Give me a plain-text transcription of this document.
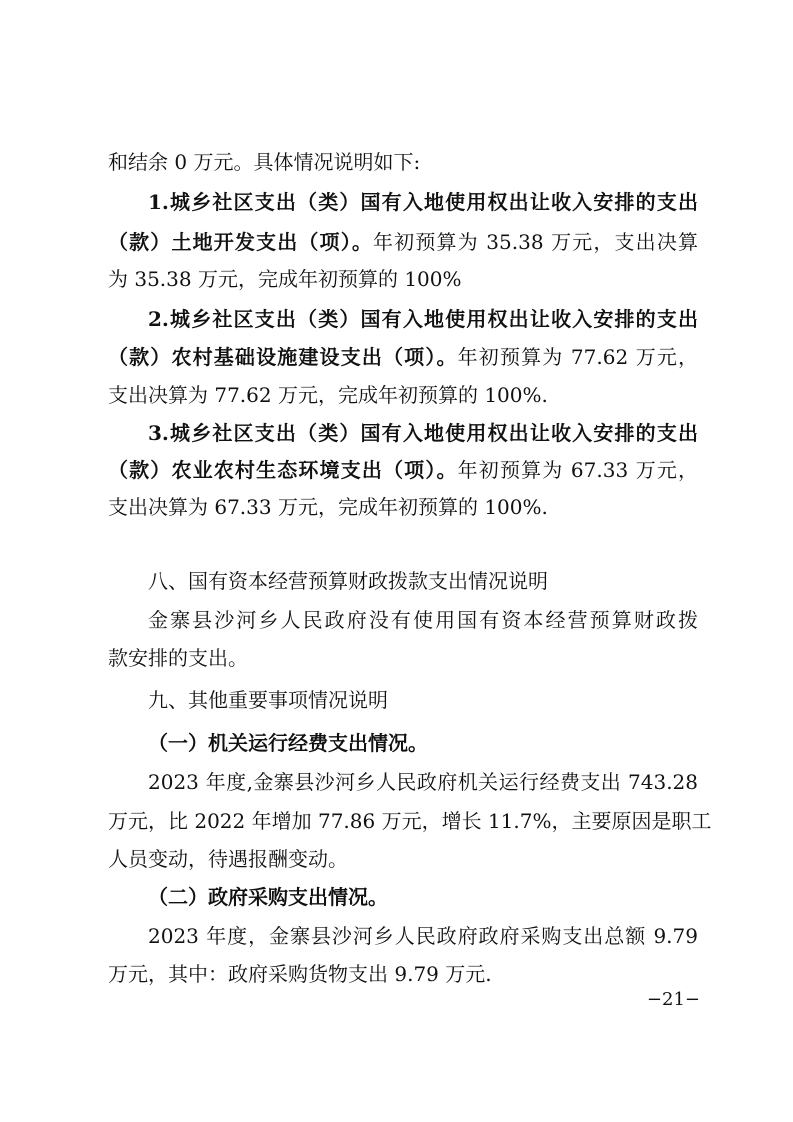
和结余 0 万元。具体情况说明如下:
1.城乡社区支出（类）国有入地使用权出让收入安排的支出
（款）土地开发支出（项）。年初预算为 35.38 万元，支出决算
为 35.38 万元，完成年初预算的 100%
2.城乡社区支出（类）国有入地使用权出让收入安排的支出
（款）农村基础设施建设支出（项）。年初预算为 77.62 万元，
支出决算为 77.62 万元，完成年初预算的 100%.
3.城乡社区支出（类）国有入地使用权出让收入安排的支出
（款）农业农村生态环境支出（项）。年初预算为 67.33 万元，
支出决算为 67.33 万元，完成年初预算的 100%.
八、国有资本经营预算财政拨款支出情况说明
金寨县沙河乡人民政府没有使用国有资本经营预算财政拨
款安排的支出。
九、其他重要事项情况说明
（一）机关运行经费支出情况。
2023 年度,金寨县沙河乡人民政府机关运行经费支出 743.28
万元，比 2022 年增加 77.86 万元，增长 11.7%，主要原因是职工
人员变动，待遇报酬变动。
（二）政府采购支出情况。
2023 年度，金寨县沙河乡人民政府政府采购支出总额 9.79
万元，其中：政府采购货物支出 9.79 万元.
−21−
